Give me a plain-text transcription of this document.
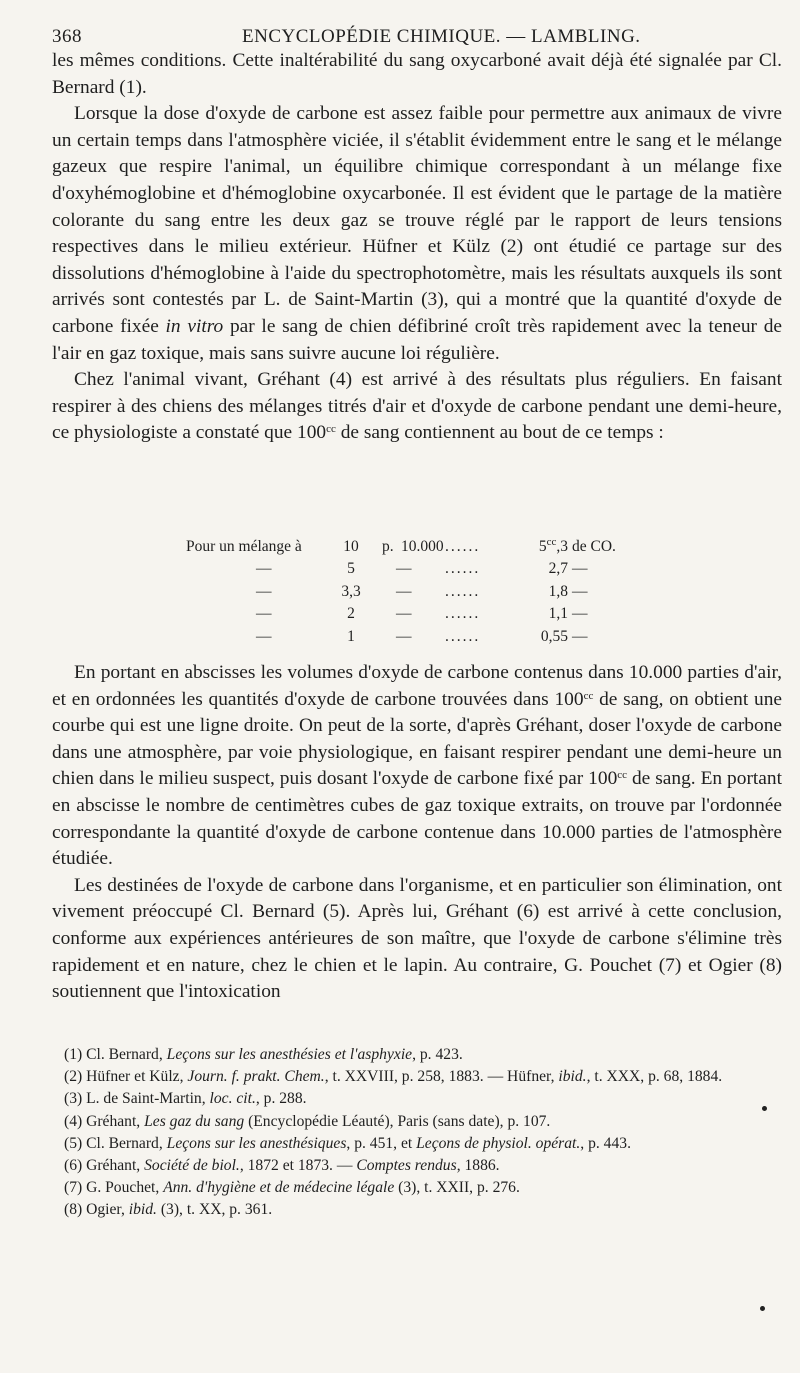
368	ENCYCLOPÉDIE CHIMIQUE. — LAMBLING.

les mêmes conditions. Cette inaltérabilité du sang oxycarboné avait déjà été signalée par Cl. Bernard (1).

Lorsque la dose d'oxyde de carbone est assez faible pour permettre aux animaux de vivre un certain temps dans l'atmosphère viciée, il s'établit évidemment entre le sang et le mélange gazeux que respire l'animal, un équilibre chimique correspondant à un mélange fixe d'oxyhémoglobine et d'hémoglobine oxycarbonée. Il est évident que le partage de la matière colorante du sang entre les deux gaz se trouve réglé par le rapport de leurs tensions respectives dans le milieu extérieur. Hüfner et Külz (2) ont étudié ce partage sur des dissolutions d'hémoglobine à l'aide du spectrophotomètre, mais les résultats auxquels ils sont arrivés sont contestés par L. de Saint-Martin (3), qui a montré que la quantité d'oxyde de carbone fixée in vitro par le sang de chien défibriné croît très rapidement avec la teneur de l'air en gaz toxique, mais sans suivre aucune loi régulière.

Chez l'animal vivant, Gréhant (4) est arrivé à des résultats plus réguliers. En faisant respirer à des chiens des mélanges titrés d'air et d'oxyde de carbone pendant une demi-heure, ce physiologiste a constaté que $100^{cc}$ de sang contiennent au bout de ce temps :

Pour un mélange à	10	p. 10.000 ......	$5^{cc},3$ de CO.
—	5	— ......	2,7 —
—	3,3	— ......	1,8 —
—	2	— ......	1,1 —
—	1	— ......	0,55 —

En portant en abscisses les volumes d'oxyde de carbone contenus dans 10.000 parties d'air, et en ordonnées les quantités d'oxyde de carbone trouvées dans $100^{cc}$ de sang, on obtient une courbe qui est une ligne droite. On peut de la sorte, d'après Gréhant, doser l'oxyde de carbone dans une atmosphère, par voie physiologique, en faisant respirer pendant une demi-heure un chien dans le milieu suspect, puis dosant l'oxyde de carbone fixé par $100^{cc}$ de sang. En portant en abscisse le nombre de centimètres cubes de gaz toxique extraits, on trouve par l'ordonnée correspondante la quantité d'oxyde de carbone contenue dans 10.000 parties de l'atmosphère étudiée.

Les destinées de l'oxyde de carbone dans l'organisme, et en particulier son élimination, ont vivement préoccupé Cl. Bernard (5). Après lui, Gréhant (6) est arrivé à cette conclusion, conforme aux expériences antérieures de son maître, que l'oxyde de carbone s'élimine très rapidement et en nature, chez le chien et le lapin. Au contraire, G. Pouchet (7) et Ogier (8) soutiennent que l'intoxication

(1) Cl. Bernard, Leçons sur les anesthésies et l'asphyxie, p. 423.

(2) Hüfner et Külz, Journ. f. prakt. Chem., t. XXVIII, p. 258, 1883. — Hüfner, ibid., t. XXX, p. 68, 1884.

(3) L. de Saint-Martin, loc. cit., p. 288.

(4) Gréhant, Les gaz du sang (Encyclopédie Léauté), Paris (sans date), p. 107.

(5) Cl. Bernard, Leçons sur les anesthésiques, p. 451, et Leçons de physiol. opérat., p. 443.

(6) Gréhant, Société de biol., 1872 et 1873. — Comptes rendus, 1886.

(7) G. Pouchet, Ann. d'hygiène et de médecine légale (3), t. XXII, p. 276.

(8) Ogier, ibid. (3), t. XX, p. 361.
